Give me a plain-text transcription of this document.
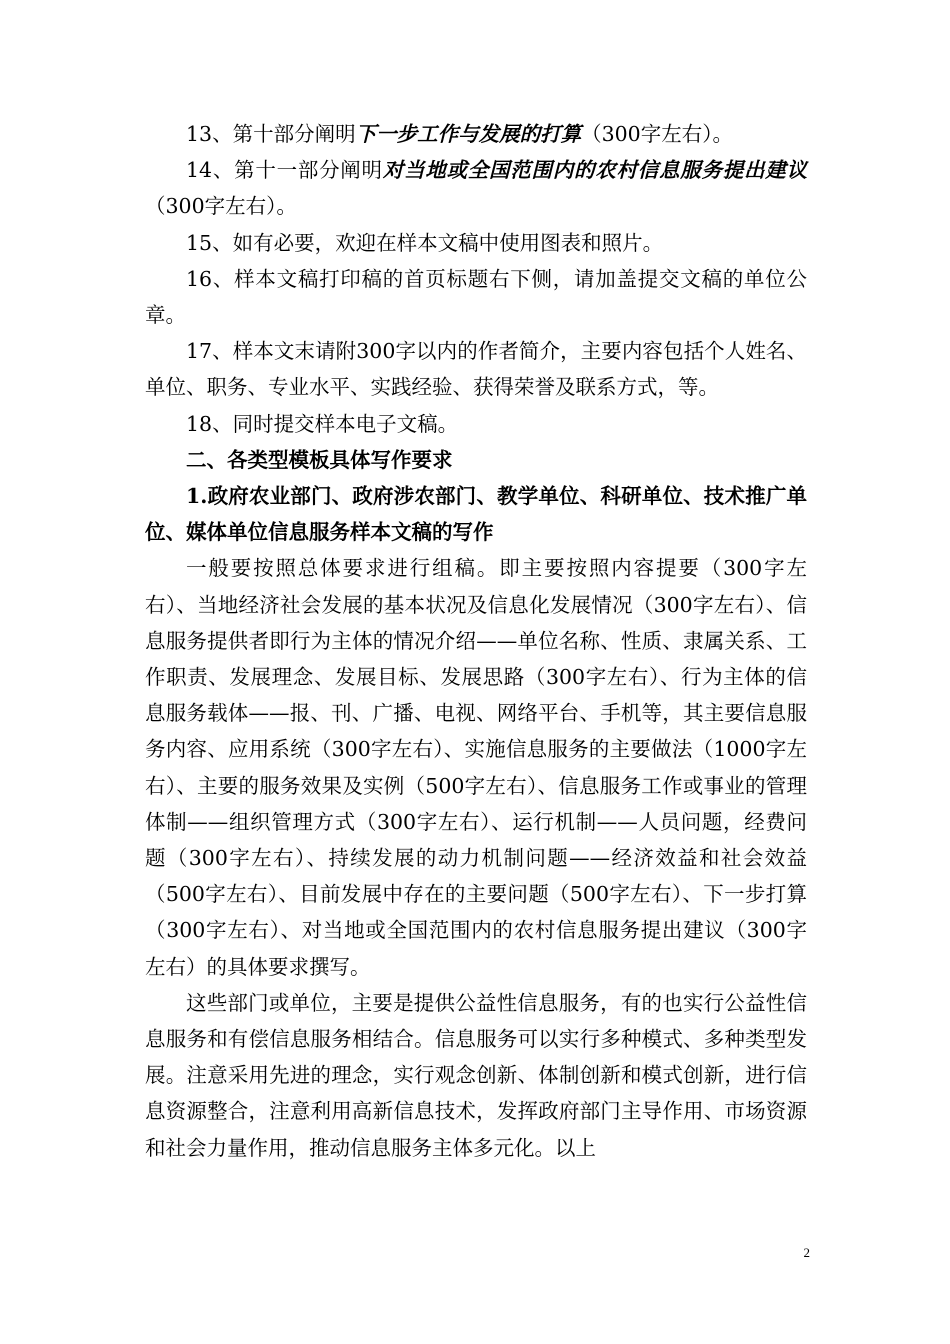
13、第十部分阐明下一步工作与发展的打算（300字左右）。

14、第十一部分阐明对当地或全国范围内的农村信息服务提出建议（300字左右）。

15、如有必要，欢迎在样本文稿中使用图表和照片。

16、样本文稿打印稿的首页标题右下侧，请加盖提交文稿的单位公章。

17、样本文末请附300字以内的作者简介，主要内容包括个人姓名、单位、职务、专业水平、实践经验、获得荣誉及联系方式，等。

18、同时提交样本电子文稿。

二、各类型模板具体写作要求

1.政府农业部门、政府涉农部门、教学单位、科研单位、技术推广单位、媒体单位信息服务样本文稿的写作

一般要按照总体要求进行组稿。即主要按照内容提要（300字左右）、当地经济社会发展的基本状况及信息化发展情况（300字左右）、信息服务提供者即行为主体的情况介绍——单位名称、性质、隶属关系、工作职责、发展理念、发展目标、发展思路（300字左右）、行为主体的信息服务载体——报、刊、广播、电视、网络平台、手机等，其主要信息服务内容、应用系统（300字左右）、实施信息服务的主要做法（1000字左右）、主要的服务效果及实例（500字左右）、信息服务工作或事业的管理体制——组织管理方式（300字左右）、运行机制——人员问题，经费问题（300字左右）、持续发展的动力机制问题——经济效益和社会效益（500字左右）、目前发展中存在的主要问题（500字左右）、下一步打算（300字左右）、对当地或全国范围内的农村信息服务提出建议（300字左右）的具体要求撰写。

这些部门或单位，主要是提供公益性信息服务，有的也实行公益性信息服务和有偿信息服务相结合。信息服务可以实行多种模式、多种类型发展。注意采用先进的理念，实行观念创新、体制创新和模式创新，进行信息资源整合，注意利用高新信息技术，发挥政府部门主导作用、市场资源和社会力量作用，推动信息服务主体多元化。以上

2
